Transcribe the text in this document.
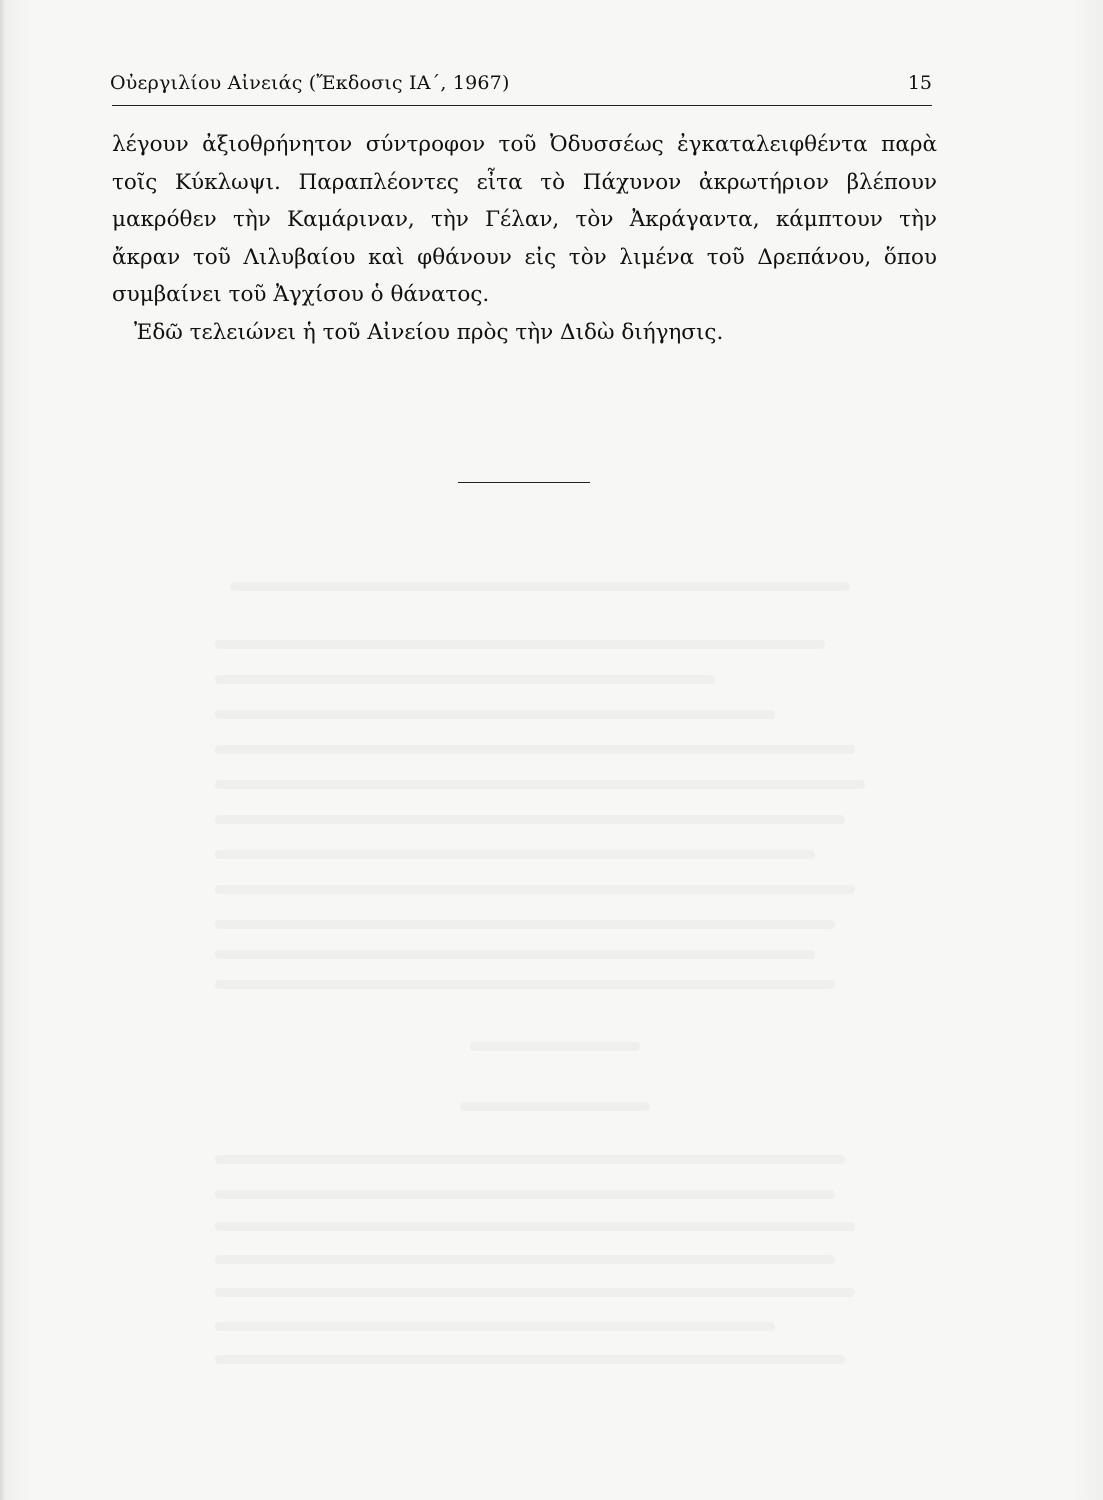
Οὐεργιλίου Αἰνειάς (Ἔκδοσις ΙΑ΄, 1967)	15
λέγουν ἀξιοθρήνητον σύντροφον τοῦ Ὀδυσσέως ἐγκαταλειφθέντα παρὰ
τοῖς Κύκλωψι. Παραπλέοντες εἶτα τὸ Πάχυνον ἀκρωτήριον βλέπουν
μακρόθεν τὴν Καμάριναν, τὴν Γέλαν, τὸν Ἀκράγαντα, κάμπτουν τὴν
ἄκραν τοῦ Λιλυβαίου καὶ φθάνουν εἰς τὸν λιμένα τοῦ Δρεπάνου, ὅπου
συμβαίνει τοῦ Ἀγχίσου ὁ θάνατος.
Ἐδῶ τελειώνει ἡ τοῦ Αἰνείου πρὸς τὴν Διδὼ διήγησις.
